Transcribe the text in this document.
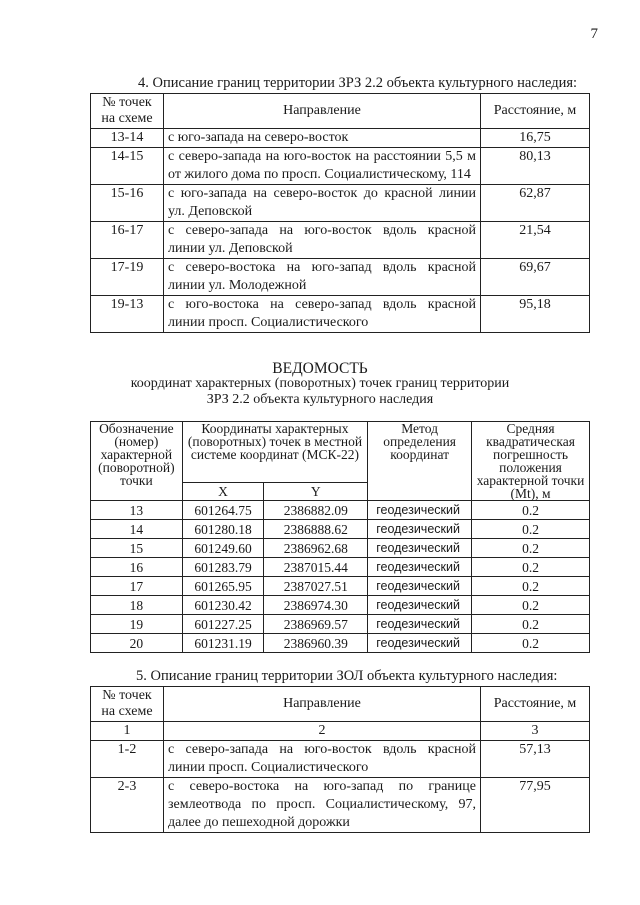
7
4. Описание границ территории ЗРЗ 2.2 объекта культурного наследия:
№ точек на схеме	Направление	Расстояние, м
13-14	с юго-запада на северо-восток	16,75
14-15	с северо-запада на юго-восток на расстоянии 5,5 м от жилого дома по просп. Социалистическому, 114	80,13
15-16	с юго-запада на северо-восток до красной линии ул. Деповской	62,87
16-17	с северо-запада на юго-восток вдоль красной линии ул. Деповской	21,54
17-19	с северо-востока на юго-запад вдоль красной линии ул. Молодежной	69,67
19-13	с юго-востока на северо-запад вдоль красной линии просп. Социалистического	95,18
ВЕДОМОСТЬ
координат характерных (поворотных) точек границ территории
ЗРЗ 2.2 объекта культурного наследия
Обозначение (номер) характерной (поворотной) точки	Координаты характерных (поворотных) точек в местной системе координат (МСК-22)		Метод определения координат	Средняя квадратическая погрешность положения характерной точки (Mt), м
	X	Y		
13	601264.75	2386882.09	геодезический	0.2
14	601280.18	2386888.62	геодезический	0.2
15	601249.60	2386962.68	геодезический	0.2
16	601283.79	2387015.44	геодезический	0.2
17	601265.95	2387027.51	геодезический	0.2
18	601230.42	2386974.30	геодезический	0.2
19	601227.25	2386969.57	геодезический	0.2
20	601231.19	2386960.39	геодезический	0.2
5. Описание границ территории ЗОЛ объекта культурного наследия:
№ точек на схеме	Направление	Расстояние, м
1	2	3
1-2	с северо-запада на юго-восток вдоль красной линии просп. Социалистического	57,13
2-3	с северо-востока на юго-запад по границе землеотвода по просп. Социалистическому, 97, далее до пешеходной дорожки	77,95
